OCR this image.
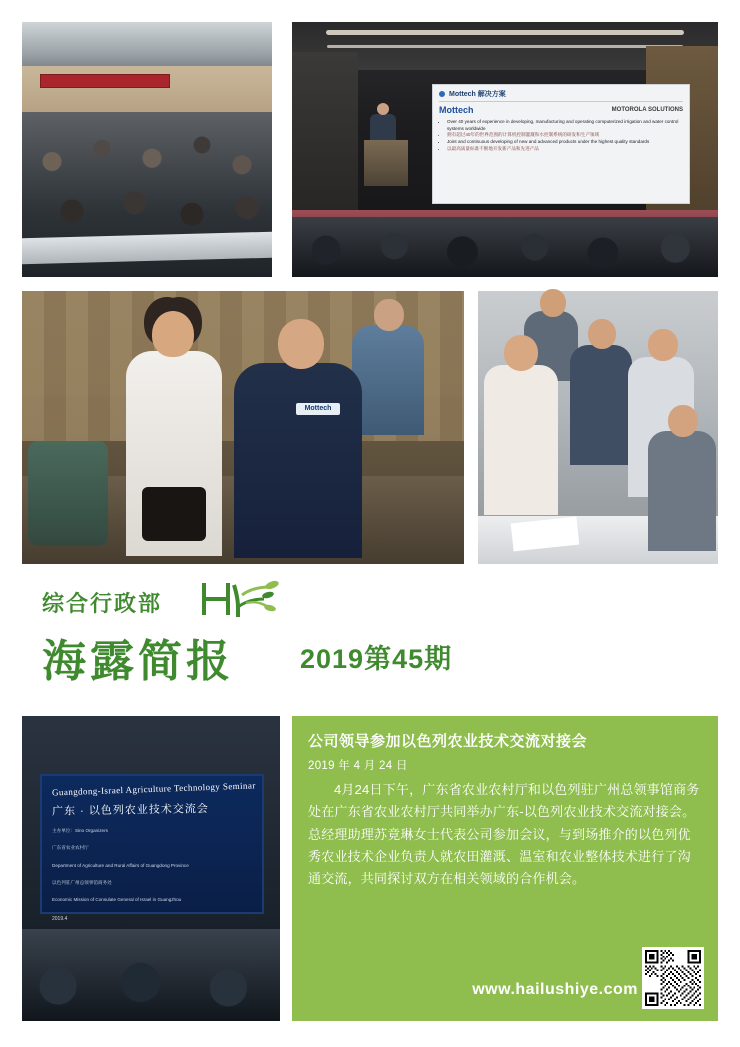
Mottech 解决方案
Mottech	MOTOROLA SOLUTIONS
• Over 40 years of experience in developing, manufacturing and operating computerized irrigation and water control systems worldwide
• 拥有超过40年的世界范围的计算机控制灌溉和水控制系统的研发和生产领域
• Joint and continuous developing of new and advanced products under the highest quality standards
• 以最高质量标准不断地开发新产品和先进产品
Mottech
综合行政部
海露简报 2019第45期
Guangdong-Israel Agriculture Technology Seminar
广东 · 以色列农业技术交流会
主办单位：Sino Organizers
广东省农业农村厅
Department of Agriculture and Rural Affairs of Guangdong Province
以色列驻广州总领事馆商务处
Economic Mission of Consulate General of Israel in Guangzhou
2019.4
公司领导参加以色列农业技术交流对接会
2019 年 4 月 24 日

4月24日下午，广东省农业农村厅和以色列驻广州总领事馆商务处在广东省农业农村厅共同举办广东‑以色列农业技术交流对接会。总经理助理苏竟琳女士代表公司参加会议，与到场推介的以色列优秀农业技术企业负责人就农田灌溉、温室和农业整体技术进行了沟通交流，共同探讨双方在相关领域的合作机会。

www.hailushiye.com
